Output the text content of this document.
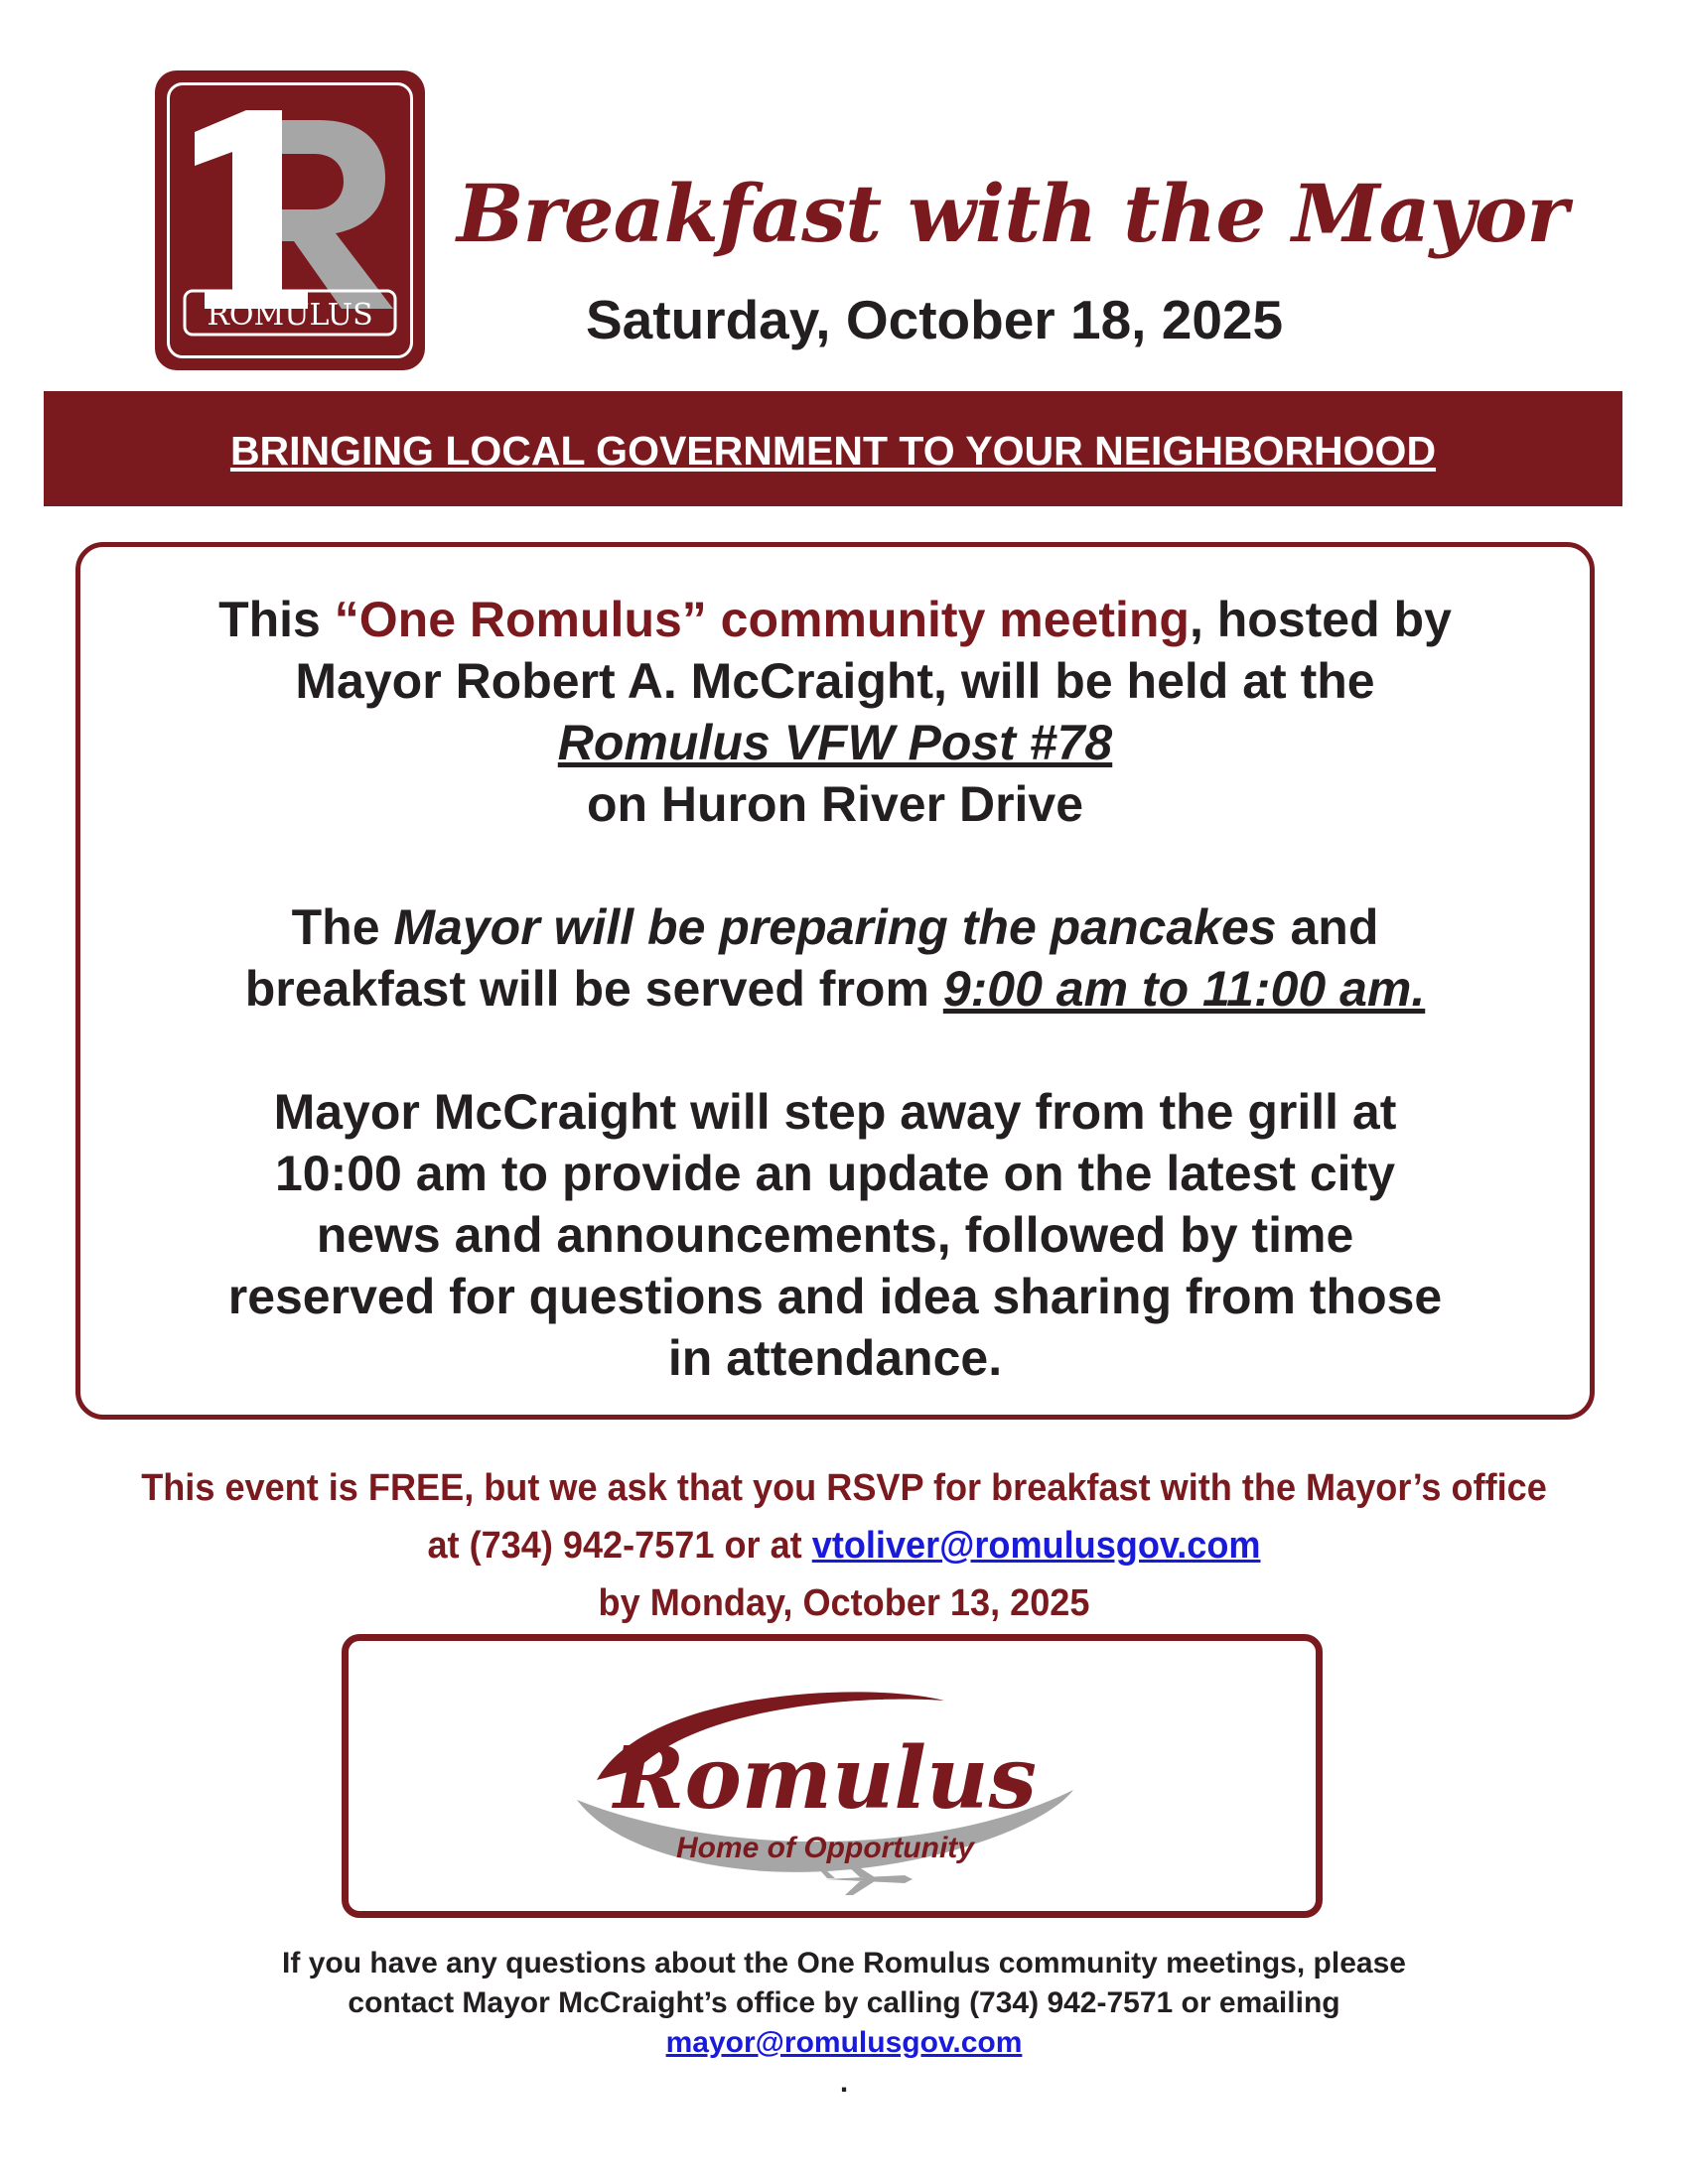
ROMULUS
Breakfast with the Mayor
Saturday, October 18, 2025
BRINGING LOCAL GOVERNMENT TO YOUR NEIGHBORHOOD

This “One Romulus” community meeting, hosted by

Mayor Robert A. McCraight, will be held at the

Romulus VFW Post #78

on Huron River Drive

The Mayor will be preparing the pancakes and

breakfast will be served from 9:00 am to 11:00 am.

Mayor McCraight will step away from the grill at

10:00 am to provide an update on the latest city

news and announcements, followed by time

reserved for questions and idea sharing from those

in attendance.

This event is FREE, but we ask that you RSVP for breakfast with the Mayor’s office
at (734) 942-7571 or at vtoliver@romulusgov.com
by Monday, October 13, 2025
Romulus
Home of Opportunity
If you have any questions about the One Romulus community meetings, please
contact Mayor McCraight’s office by calling (734) 942-7571 or emailing
mayor@romulusgov.com
.
